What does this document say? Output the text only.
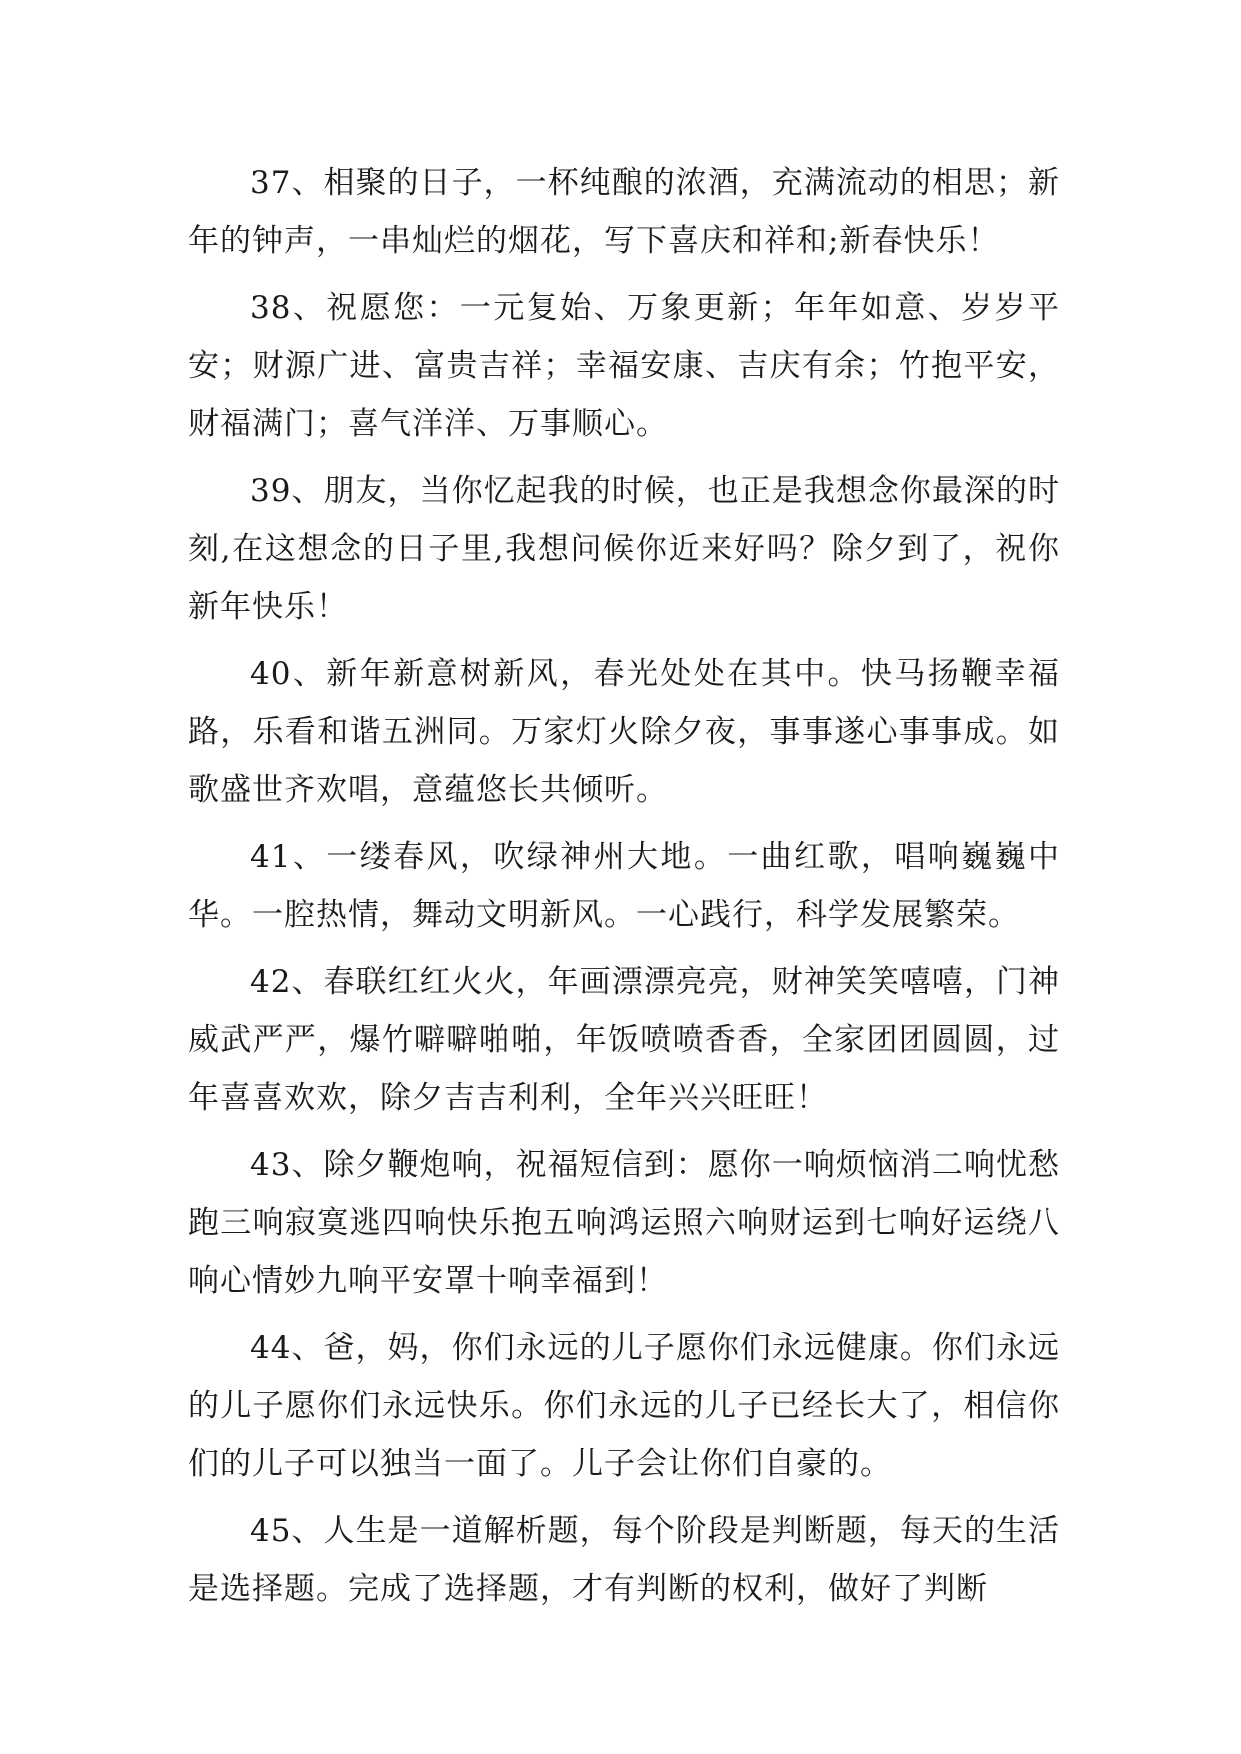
37、相聚的日子，一杯纯酿的浓酒，充满流动的相思；新年的钟声，一串灿烂的烟花，写下喜庆和祥和;新春快乐！

38、祝愿您：一元复始、万象更新；年年如意、岁岁平安；财源广进、富贵吉祥；幸福安康、吉庆有余；竹抱平安，财福满门；喜气洋洋、万事顺心。

39、朋友，当你忆起我的时候，也正是我想念你最深的时刻,在这想念的日子里,我想问候你近来好吗？除夕到了，祝你新年快乐！

40、新年新意树新风，春光处处在其中。快马扬鞭幸福路，乐看和谐五洲同。万家灯火除夕夜，事事遂心事事成。如歌盛世齐欢唱，意蕴悠长共倾听。

41、一缕春风，吹绿神州大地。一曲红歌，唱响巍巍中华。一腔热情，舞动文明新风。一心践行，科学发展繁荣。

42、春联红红火火，年画漂漂亮亮，财神笑笑嘻嘻，门神威武严严，爆竹噼噼啪啪，年饭喷喷香香，全家团团圆圆，过年喜喜欢欢，除夕吉吉利利，全年兴兴旺旺！

43、除夕鞭炮响，祝福短信到：愿你一响烦恼消二响忧愁跑三响寂寞逃四响快乐抱五响鸿运照六响财运到七响好运绕八响心情妙九响平安罩十响幸福到！

44、爸，妈，你们永远的儿子愿你们永远健康。你们永远的儿子愿你们永远快乐。你们永远的儿子已经长大了，相信你们的儿子可以独当一面了。儿子会让你们自豪的。

45、人生是一道解析题，每个阶段是判断题，每天的生活是选择题。完成了选择题，才有判断的权利，做好了判断
